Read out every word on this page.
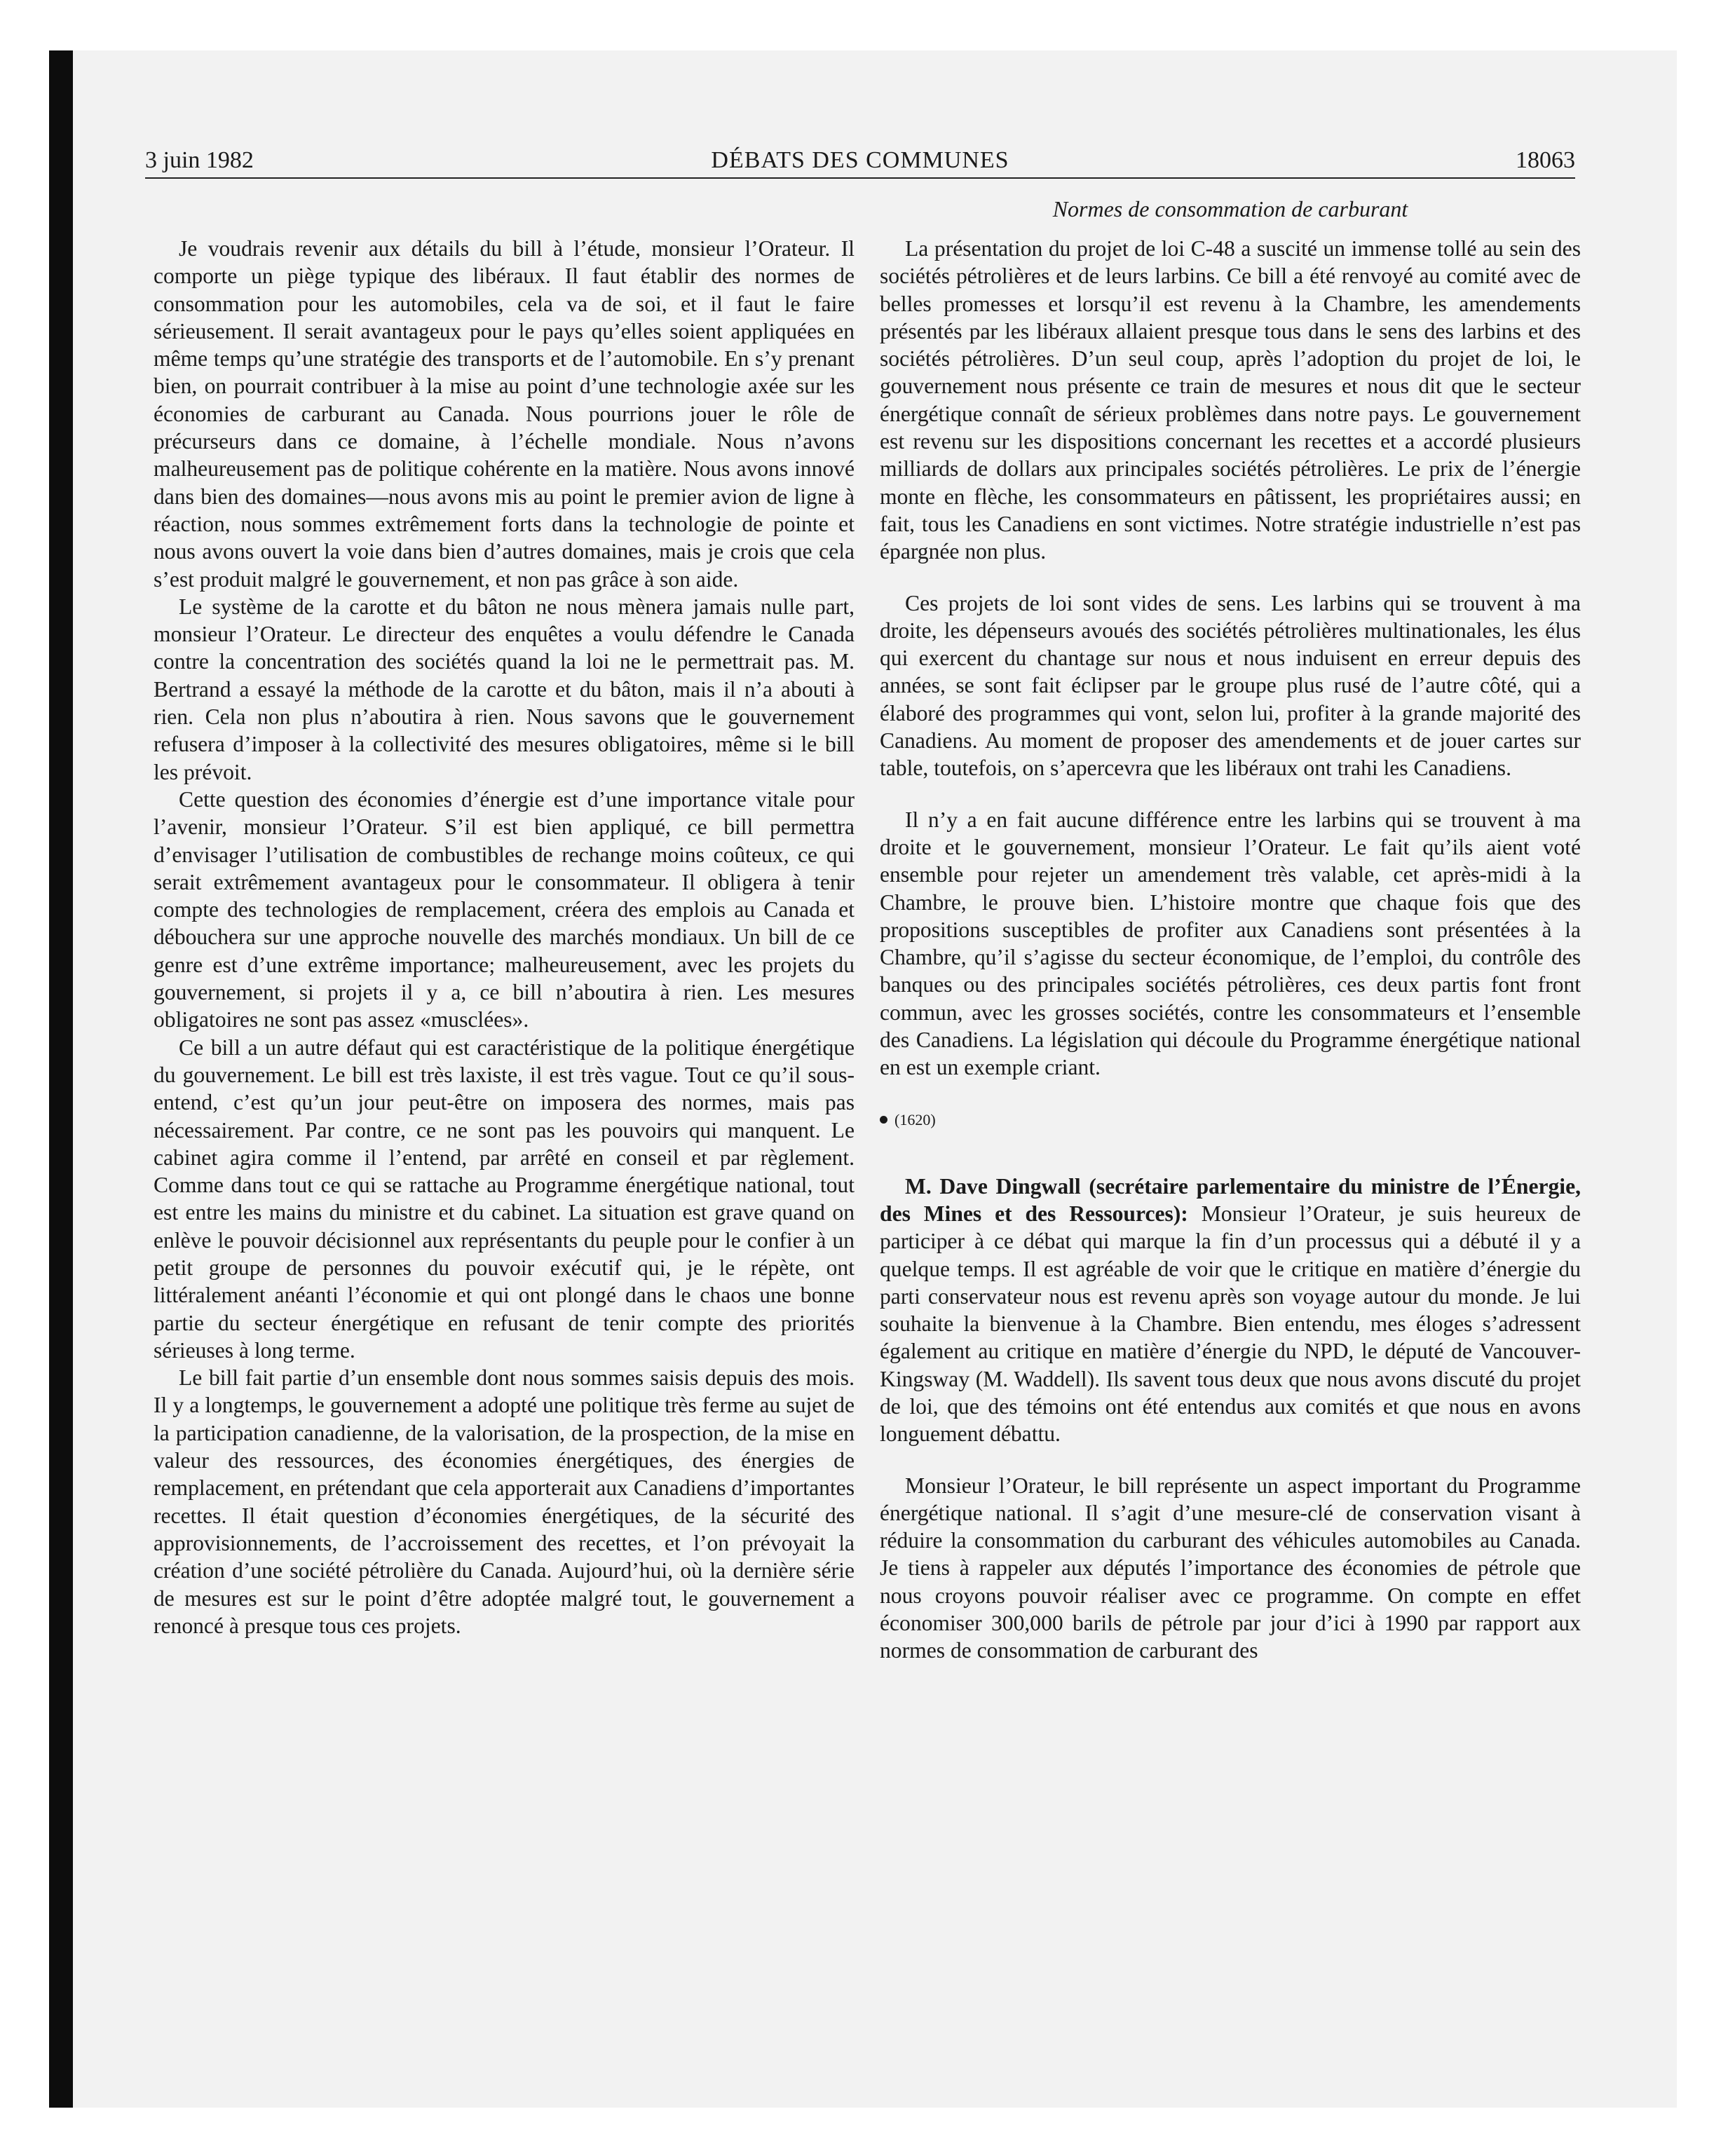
3 juin 1982	DÉBATS DES COMMUNES	18063

Je voudrais revenir aux détails du bill à l’étude, monsieur l’Orateur. Il comporte un piège typique des libéraux. Il faut établir des normes de consommation pour les automobiles, cela va de soi, et il faut le faire sérieusement. Il serait avantageux pour le pays qu’elles soient appliquées en même temps qu’une stratégie des transports et de l’automobile. En s’y prenant bien, on pourrait contribuer à la mise au point d’une technologie axée sur les économies de carburant au Canada. Nous pourrions jouer le rôle de précurseurs dans ce domaine, à l’échelle mondiale. Nous n’avons malheureusement pas de politique cohérente en la matière. Nous avons innové dans bien des domaines—nous avons mis au point le premier avion de ligne à réaction, nous sommes extrêmement forts dans la technologie de pointe et nous avons ouvert la voie dans bien d’autres domaines, mais je crois que cela s’est produit malgré le gouvernement, et non pas grâce à son aide.

Le système de la carotte et du bâton ne nous mènera jamais nulle part, monsieur l’Orateur. Le directeur des enquêtes a voulu défendre le Canada contre la concentration des sociétés quand la loi ne le permettrait pas. M. Bertrand a essayé la méthode de la carotte et du bâton, mais il n’a abouti à rien. Cela non plus n’aboutira à rien. Nous savons que le gouvernement refusera d’imposer à la collectivité des mesures obligatoires, même si le bill les prévoit.

Cette question des économies d’énergie est d’une importance vitale pour l’avenir, monsieur l’Orateur. S’il est bien appliqué, ce bill permettra d’envisager l’utilisation de combustibles de rechange moins coûteux, ce qui serait extrêmement avantageux pour le consommateur. Il obligera à tenir compte des technologies de remplacement, créera des emplois au Canada et débouchera sur une approche nouvelle des marchés mondiaux. Un bill de ce genre est d’une extrême importance; malheureusement, avec les projets du gouvernement, si projets il y a, ce bill n’aboutira à rien. Les mesures obligatoires ne sont pas assez «musclées».

Ce bill a un autre défaut qui est caractéristique de la politique énergétique du gouvernement. Le bill est très laxiste, il est très vague. Tout ce qu’il sous-entend, c’est qu’un jour peut-être on imposera des normes, mais pas nécessairement. Par contre, ce ne sont pas les pouvoirs qui manquent. Le cabinet agira comme il l’entend, par arrêté en conseil et par règlement. Comme dans tout ce qui se rattache au Programme énergétique national, tout est entre les mains du ministre et du cabinet. La situation est grave quand on enlève le pouvoir décisionnel aux représentants du peuple pour le confier à un petit groupe de personnes du pouvoir exécutif qui, je le répète, ont littéralement anéanti l’économie et qui ont plongé dans le chaos une bonne partie du secteur énergétique en refusant de tenir compte des priorités sérieuses à long terme.

Le bill fait partie d’un ensemble dont nous sommes saisis depuis des mois. Il y a longtemps, le gouvernement a adopté une politique très ferme au sujet de la participation canadienne, de la valorisation, de la prospection, de la mise en valeur des ressources, des économies énergétiques, des énergies de remplacement, en prétendant que cela apporterait aux Canadiens d’importantes recettes. Il était question d’économies énergétiques, de la sécurité des approvisionnements, de l’accroissement des recettes, et l’on prévoyait la création d’une société pétrolière du Canada. Aujourd’hui, où la dernière série de mesures est sur le point d’être adoptée malgré tout, le gouvernement a renoncé à presque tous ces projets.

Normes de consommation de carburant

La présentation du projet de loi C-48 a suscité un immense tollé au sein des sociétés pétrolières et de leurs larbins. Ce bill a été renvoyé au comité avec de belles promesses et lorsqu’il est revenu à la Chambre, les amendements présentés par les libéraux allaient presque tous dans le sens des larbins et des sociétés pétrolières. D’un seul coup, après l’adoption du projet de loi, le gouvernement nous présente ce train de mesures et nous dit que le secteur énergétique connaît de sérieux problèmes dans notre pays. Le gouvernement est revenu sur les dispositions concernant les recettes et a accordé plusieurs milliards de dollars aux principales sociétés pétrolières. Le prix de l’énergie monte en flèche, les consommateurs en pâtissent, les propriétaires aussi; en fait, tous les Canadiens en sont victimes. Notre stratégie industrielle n’est pas épargnée non plus.

Ces projets de loi sont vides de sens. Les larbins qui se trouvent à ma droite, les dépenseurs avoués des sociétés pétrolières multinationales, les élus qui exercent du chantage sur nous et nous induisent en erreur depuis des années, se sont fait éclipser par le groupe plus rusé de l’autre côté, qui a élaboré des programmes qui vont, selon lui, profiter à la grande majorité des Canadiens. Au moment de proposer des amendements et de jouer cartes sur table, toutefois, on s’apercevra que les libéraux ont trahi les Canadiens.

Il n’y a en fait aucune différence entre les larbins qui se trouvent à ma droite et le gouvernement, monsieur l’Orateur. Le fait qu’ils aient voté ensemble pour rejeter un amendement très valable, cet après-midi à la Chambre, le prouve bien. L’histoire montre que chaque fois que des propositions susceptibles de profiter aux Canadiens sont présentées à la Chambre, qu’il s’agisse du secteur économique, de l’emploi, du contrôle des banques ou des principales sociétés pétrolières, ces deux partis font front commun, avec les grosses sociétés, contre les consommateurs et l’ensemble des Canadiens. La législation qui découle du Programme énergétique national en est un exemple criant.

(1620)

M. Dave Dingwall (secrétaire parlementaire du ministre de l’Énergie, des Mines et des Ressources): Monsieur l’Orateur, je suis heureux de participer à ce débat qui marque la fin d’un processus qui a débuté il y a quelque temps. Il est agréable de voir que le critique en matière d’énergie du parti conservateur nous est revenu après son voyage autour du monde. Je lui souhaite la bienvenue à la Chambre. Bien entendu, mes éloges s’adressent également au critique en matière d’énergie du NPD, le député de Vancouver-Kingsway (M. Waddell). Ils savent tous deux que nous avons discuté du projet de loi, que des témoins ont été entendus aux comités et que nous en avons longuement débattu.

Monsieur l’Orateur, le bill représente un aspect important du Programme énergétique national. Il s’agit d’une mesure-clé de conservation visant à réduire la consommation du carburant des véhicules automobiles au Canada. Je tiens à rappeler aux députés l’importance des économies de pétrole que nous croyons pouvoir réaliser avec ce programme. On compte en effet économiser 300,000 barils de pétrole par jour d’ici à 1990 par rapport aux normes de consommation de carburant des
